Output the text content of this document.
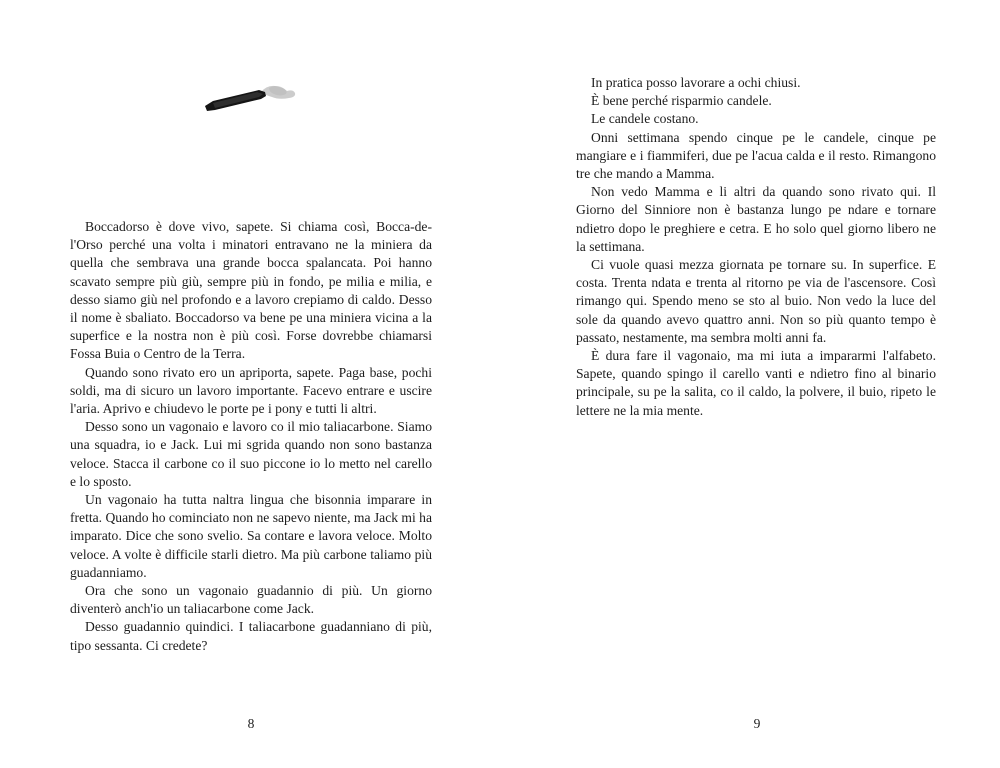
Boccadorso è dove vivo, sapete. Si chiama così, Bocca-de-l'Orso perché una volta i minatori entravano ne la miniera da quella che sembrava una grande bocca spalancata. Poi hanno scavato sempre più giù, sempre più in fondo, pe milia e milia, e desso siamo giù nel profondo e a lavoro crepiamo di caldo. Desso il nome è sbaliato. Boccadorso va bene pe una miniera vicina a la superfice e la nostra non è più così. Forse dovrebbe chiamarsi Fossa Buia o Centro de la Terra.

Quando sono rivato ero un apriporta, sapete. Paga base, pochi soldi, ma di sicuro un lavoro importante. Facevo entrare e uscire l'aria. Aprivo e chiudevo le porte pe i pony e tutti li altri.

Desso sono un vagonaio e lavoro co il mio taliacarbone. Siamo una squadra, io e Jack. Lui mi sgrida quando non sono bastanza veloce. Stacca il carbone co il suo piccone io lo metto nel carello e lo sposto.

Un vagonaio ha tutta naltra lingua che bisonnia imparare in fretta. Quando ho cominciato non ne sapevo niente, ma Jack mi ha imparato. Dice che sono svelio. Sa contare e lavora veloce. Molto veloce. A volte è difficile starli dietro. Ma più carbone taliamo più guadanniamo.

Ora che sono un vagonaio guadannio di più. Un giorno diventerò anch'io un taliacarbone come Jack.

Desso guadannio quindici. I taliacarbone guadanniano di più, tipo sessanta. Ci credete?

8

In pratica posso lavorare a ochi chiusi.

È bene perché risparmio candele.

Le candele costano.

Onni settimana spendo cinque pe le candele, cinque pe mangiare e i fiammiferi, due pe l'acua calda e il resto. Rimangono tre che mando a Mamma.

Non vedo Mamma e li altri da quando sono rivato qui. Il Giorno del Sinniore non è bastanza lungo pe ndare e tornare ndietro dopo le preghiere e cetra. E ho solo quel giorno libero ne la settimana.

Ci vuole quasi mezza giornata pe tornare su. In superfice. E costa. Trenta ndata e trenta al ritorno pe via de l'ascensore. Così rimango qui. Spendo meno se sto al buio. Non vedo la luce del sole da quando avevo quattro anni. Non so più quanto tempo è passato, nestamente, ma sembra molti anni fa.

È dura fare il vagonaio, ma mi iuta a impararmi l'alfabeto. Sapete, quando spingo il carello vanti e ndietro fino al binario principale, su pe la salita, co il caldo, la polvere, il buio, ripeto le lettere ne la mia mente.

9
